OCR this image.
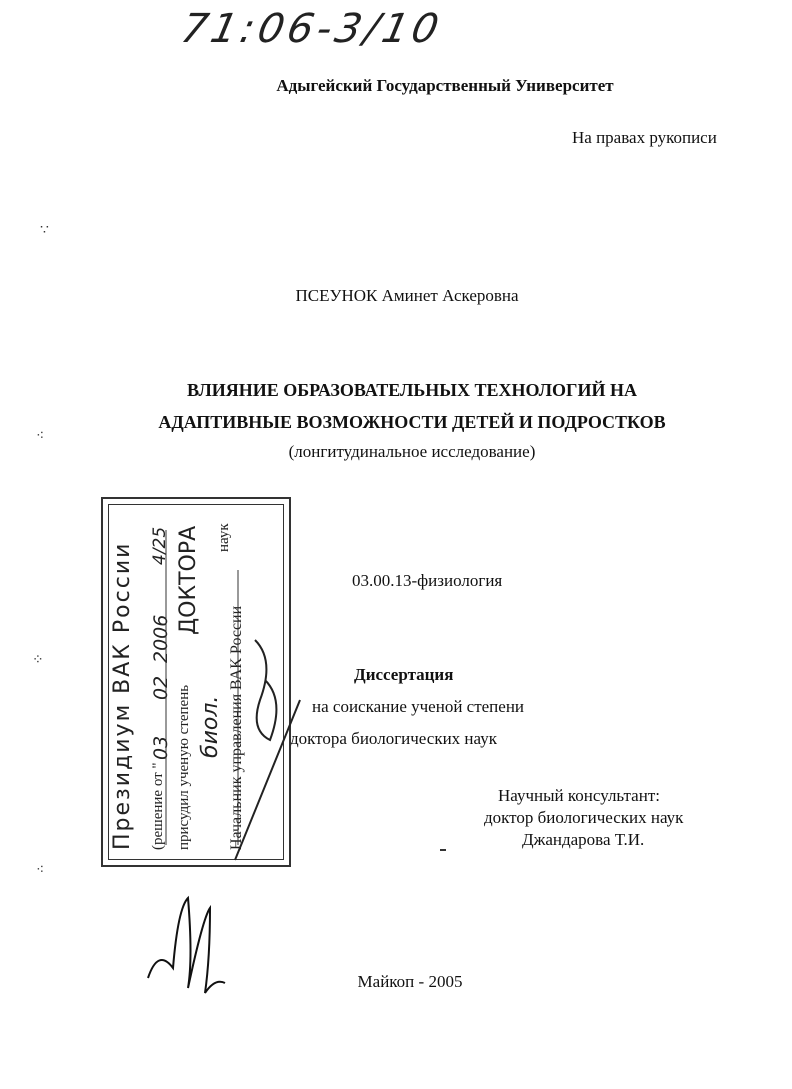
71:06-3/10
Адыгейский Государственный Университет
На правах рукописи
ПСЕУНОК Аминет Аскеровна
ВЛИЯНИЕ ОБРАЗОВАТЕЛЬНЫХ ТЕХНОЛОГИЙ НА
АДАПТИВНЫЕ ВОЗМОЖНОСТИ ДЕТЕЙ И ПОДРОСТКОВ
(лонгитудинальное исследование)
03.00.13-физиология
Диссертация
на соискание ученой степени
доктора биологических наук
Научный консультант:
доктор биологических наук
Джандарова Т.И.
Майкоп - 2005
Президиум ВАК России (решение от "
03
02
2006
4/25
присудил ученую степень
ДОКТОРА
биол.
наук
Начальник управления ВАК России
∵
⁖
⁘
⁖
